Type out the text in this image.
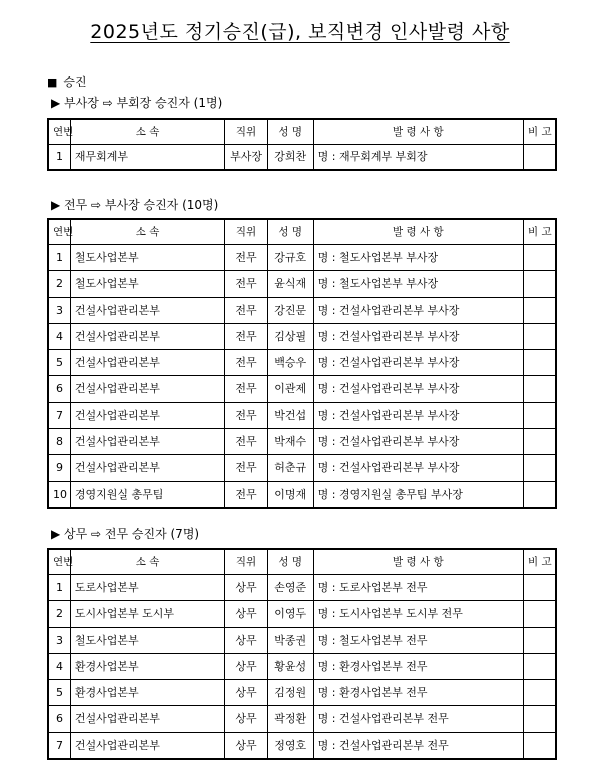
2025년도 정기승진(급), 보직변경 인사발령 사항
■ 승진
▶ 부사장 ⇨ 부회장 승진자 (1명)
연번	소 속	직위	성 명	발 령 사 항	비 고
1	재무회계부	부사장	강희찬	명 : 재무회계부 부회장	
▶ 전무 ⇨ 부사장 승진자 (10명)
연번	소 속	직위	성 명	발 령 사 항	비 고
1	철도사업본부	전무	강규호	명 : 철도사업본부 부사장	
2	철도사업본부	전무	윤식재	명 : 철도사업본부 부사장	
3	건설사업관리본부	전무	강진문	명 : 건설사업관리본부 부사장	
4	건설사업관리본부	전무	김상필	명 : 건설사업관리본부 부사장	
5	건설사업관리본부	전무	백승우	명 : 건설사업관리본부 부사장	
6	건설사업관리본부	전무	이관제	명 : 건설사업관리본부 부사장	
7	건설사업관리본부	전무	박건섭	명 : 건설사업관리본부 부사장	
8	건설사업관리본부	전무	박재수	명 : 건설사업관리본부 부사장	
9	건설사업관리본부	전무	허춘규	명 : 건설사업관리본부 부사장	
10	경영지원실 총무팀	전무	이명재	명 : 경영지원실 총무팀 부사장	
▶ 상무 ⇨ 전무 승진자 (7명)
연번	소 속	직위	성 명	발 령 사 항	비 고
1	도로사업본부	상무	손영준	명 : 도로사업본부 전무	
2	도시사업본부 도시부	상무	이영두	명 : 도시사업본부 도시부 전무	
3	철도사업본부	상무	박종권	명 : 철도사업본부 전무	
4	환경사업본부	상무	황윤성	명 : 환경사업본부 전무	
5	환경사업본부	상무	김정원	명 : 환경사업본부 전무	
6	건설사업관리본부	상무	곽정환	명 : 건설사업관리본부 전무	
7	건설사업관리본부	상무	정영호	명 : 건설사업관리본부 전무	
